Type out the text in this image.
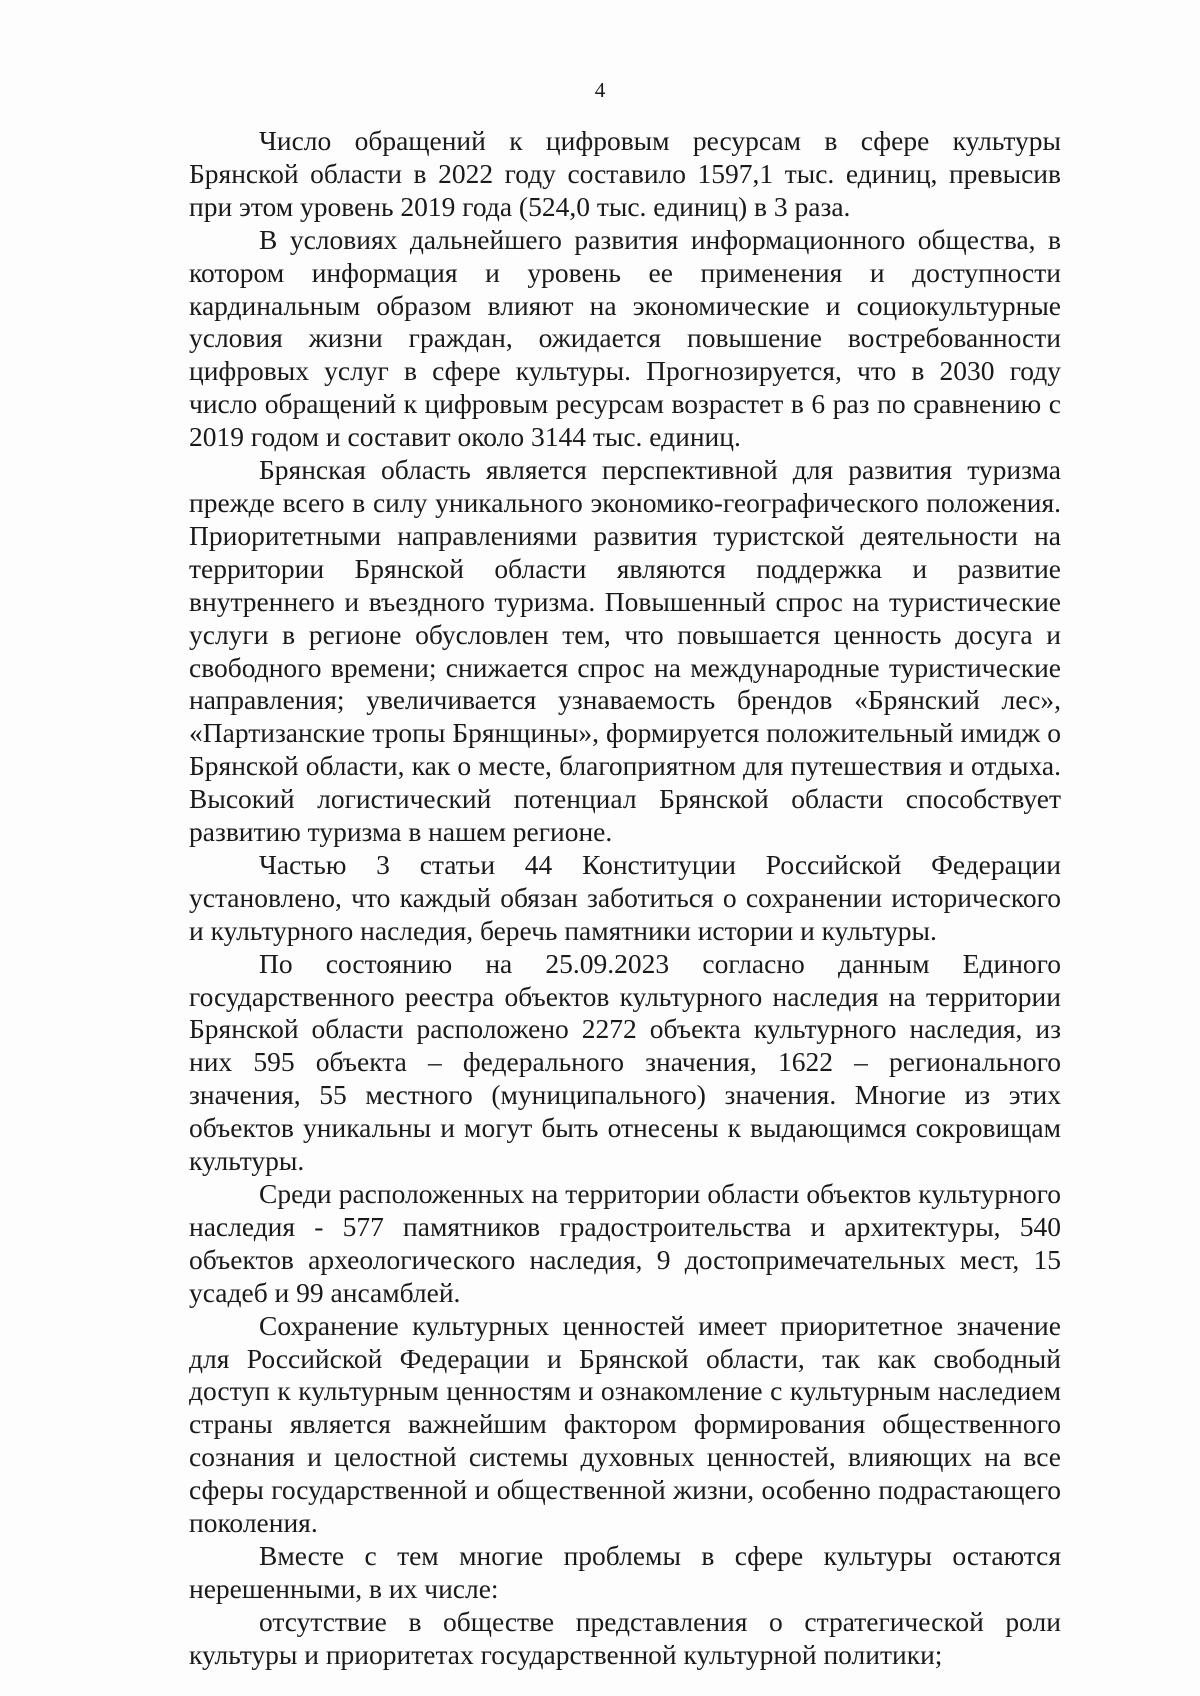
4

Число обращений к цифровым ресурсам в сфере культуры Брянской области в 2022 году составило 1597,1 тыс. единиц, превысив при этом уровень 2019 года (524,0 тыс. единиц) в 3 раза.

В условиях дальнейшего развития информационного общества, в котором информация и уровень ее применения и доступности кардинальным образом влияют на экономические и социокультурные условия жизни граждан, ожидается повышение востребованности цифровых услуг в сфере культуры. Прогнозируется, что в 2030 году число обращений к цифровым ресурсам возрастет в 6 раз по сравнению с 2019 годом и составит около 3144 тыс. единиц.

Брянская область является перспективной для развития туризма прежде всего в силу уникального экономико-географического положения. Приоритетными направлениями развития туристской деятельности на территории Брянской области являются поддержка и развитие внутреннего и въездного туризма. Повышенный спрос на туристические услуги в регионе обусловлен тем, что повышается ценность досуга и свободного времени; снижается спрос на международные туристические направления; увеличивается узнаваемость брендов «Брянский лес», «Партизанские тропы Брянщины», формируется положительный имидж о Брянской области, как о месте, благоприятном для путешествия и отдыха. Высокий логистический потенциал Брянской области способствует развитию туризма в нашем регионе.

Частью 3 статьи 44 Конституции Российской Федерации установлено, что каждый обязан заботиться о сохранении исторического и культурного наследия, беречь памятники истории и культуры.

По состоянию на 25.09.2023 согласно данным Единого государственного реестра объектов культурного наследия на территории Брянской области расположено 2272 объекта культурного наследия, из них 595 объекта – федерального значения, 1622 – регионального значения, 55 местного (муниципального) значения. Многие из этих объектов уникальны и могут быть отнесены к выдающимся сокровищам культуры.

Среди расположенных на территории области объектов культурного наследия - 577 памятников градостроительства и архитектуры, 540 объектов археологического наследия, 9 достопримечательных мест, 15 усадеб и 99 ансамблей.

Сохранение культурных ценностей имеет приоритетное значение для Российской Федерации и Брянской области, так как свободный доступ к культурным ценностям и ознакомление с культурным наследием страны является важнейшим фактором формирования общественного сознания и целостной системы духовных ценностей, влияющих на все сферы государственной и общественной жизни, особенно подрастающего поколения.

Вместе с тем многие проблемы в сфере культуры остаются нерешенными, в их числе:

отсутствие в обществе представления о стратегической роли культуры и приоритетах государственной культурной политики;
